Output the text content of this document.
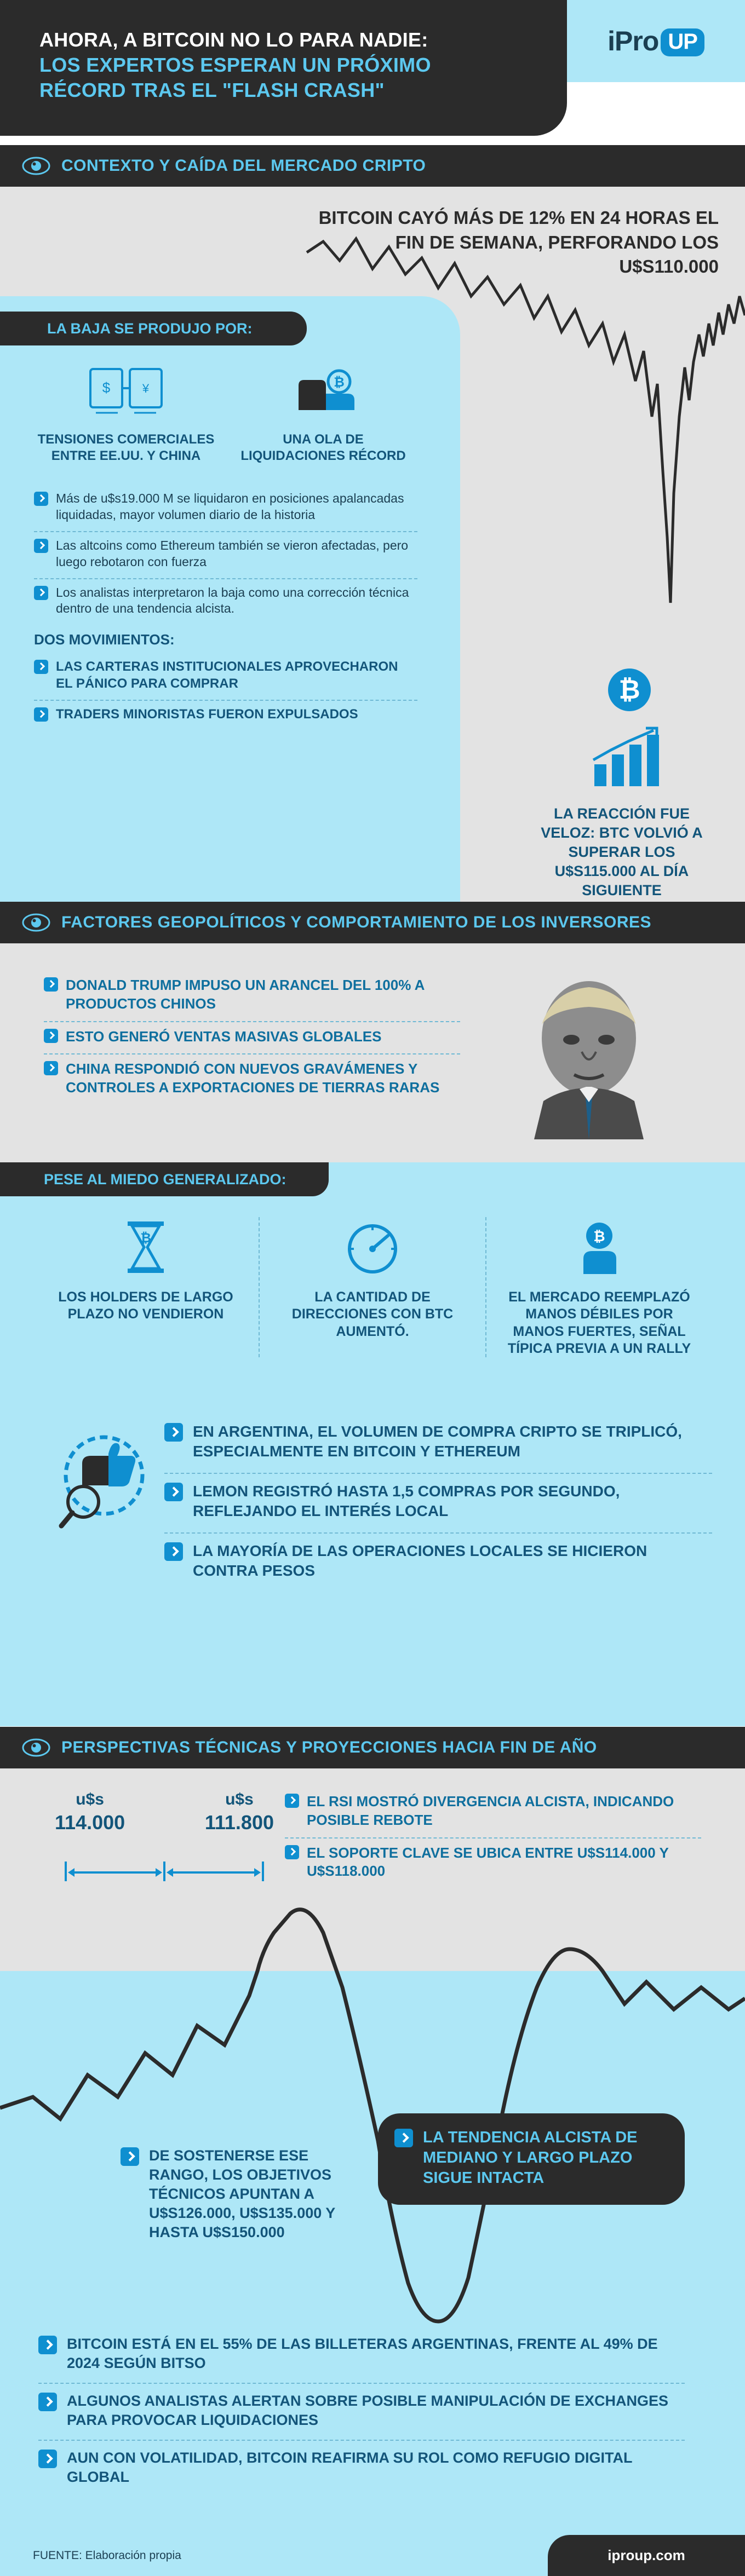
AHORA, A BITCOIN NO LO PARA NADIE:
LOS EXPERTOS ESPERAN UN PRÓXIMO
RÉCORD TRAS EL "FLASH CRASH"
iPro UP
CONTEXTO Y CAÍDA DEL MERCADO CRIPTO
BITCOIN CAYÓ MÁS DE 12% EN 24 HORAS EL FIN DE SEMANA, PERFORANDO LOS U$S110.000
LA BAJA SE PRODUJO POR:
$	¥
TENSIONES COMERCIALES ENTRE EE.UU. Y CHINA
₿
UNA OLA DE LIQUIDACIONES RÉCORD
Más de u$s19.000 M se liquidaron en posiciones apalancadas liquidadas, mayor volumen diario de la historia
Las altcoins como Ethereum también se vieron afectadas, pero luego rebotaron con fuerza
Los analistas interpretaron la baja como una corrección técnica dentro de una tendencia alcista.
DOS MOVIMIENTOS:
LAS CARTERAS INSTITUCIONALES APROVECHARON EL PÁNICO PARA COMPRAR
TRADERS MINORISTAS FUERON EXPULSADOS
₿
LA REACCIÓN FUE VELOZ: BTC VOLVIÓ A SUPERAR LOS U$S115.000 AL DÍA SIGUIENTE
FACTORES GEOPOLÍTICOS Y COMPORTAMIENTO DE LOS INVERSORES
DONALD TRUMP IMPUSO UN ARANCEL DEL 100% A PRODUCTOS CHINOS
ESTO GENERÓ VENTAS MASIVAS GLOBALES
CHINA RESPONDIÓ CON NUEVOS GRAVÁMENES Y CONTROLES A EXPORTACIONES DE TIERRAS RARAS
PESE AL MIEDO GENERALIZADO:
₿
LOS HOLDERS DE LARGO PLAZO NO VENDIERON
LA CANTIDAD DE DIRECCIONES CON BTC AUMENTÓ.
₿
EL MERCADO REEMPLAZÓ MANOS DÉBILES POR MANOS FUERTES, SEÑAL TÍPICA PREVIA A UN RALLY
EN ARGENTINA, EL VOLUMEN DE COMPRA CRIPTO SE TRIPLICÓ, ESPECIALMENTE EN BITCOIN Y ETHEREUM
LEMON REGISTRÓ HASTA 1,5 COMPRAS POR SEGUNDO, REFLEJANDO EL INTERÉS LOCAL
LA MAYORÍA DE LAS OPERACIONES LOCALES SE HICIERON CONTRA PESOS
PERSPECTIVAS TÉCNICAS Y PROYECCIONES HACIA FIN DE AÑO
u$s
114.000
u$s
111.800
EL RSI MOSTRÓ DIVERGENCIA ALCISTA, INDICANDO POSIBLE REBOTE
EL SOPORTE CLAVE SE UBICA ENTRE U$S114.000 Y U$S118.000
DE SOSTENERSE ESE RANGO, LOS OBJETIVOS TÉCNICOS APUNTAN A U$S126.000, U$S135.000 Y HASTA U$S150.000
LA TENDENCIA ALCISTA DE MEDIANO Y LARGO PLAZO SIGUE INTACTA
BITCOIN ESTÁ EN EL 55% DE LAS BILLETERAS ARGENTINAS, FRENTE AL 49% DE 2024 SEGÚN BITSO
ALGUNOS ANALISTAS ALERTAN SOBRE POSIBLE MANIPULACIÓN DE EXCHANGES PARA PROVOCAR LIQUIDACIONES
AUN CON VOLATILIDAD, BITCOIN REAFIRMA SU ROL COMO REFUGIO DIGITAL GLOBAL
FUENTE: Elaboración propia	iproup.com
